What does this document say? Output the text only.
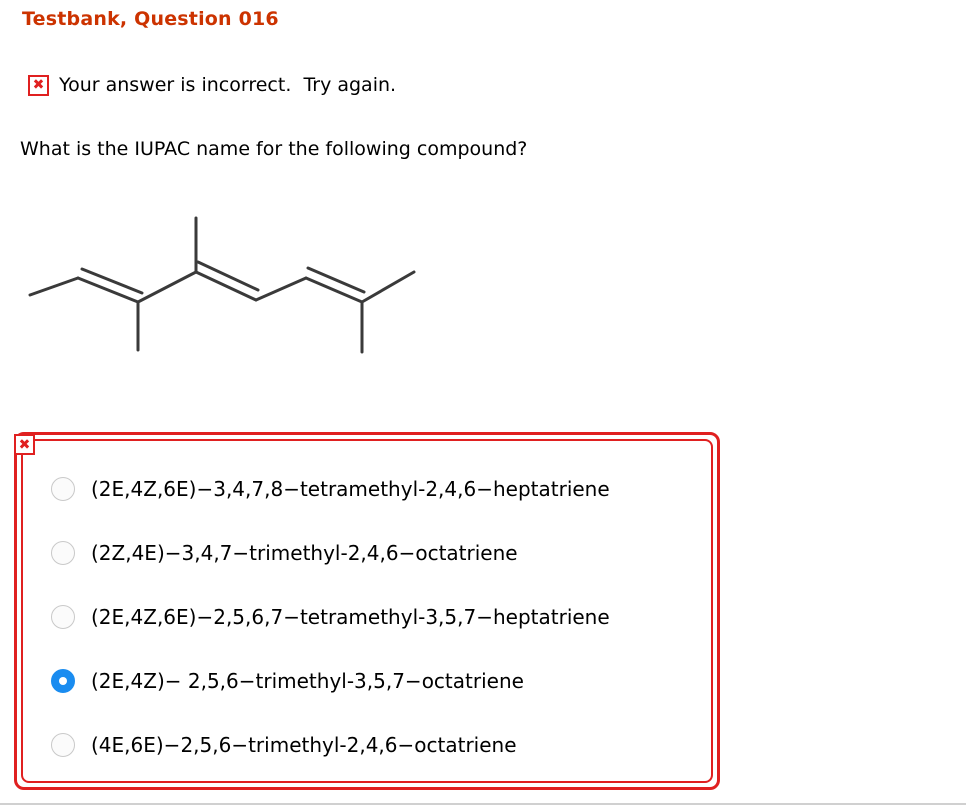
Testbank, Question 016
✖ Your answer is incorrect.  Try again.
What is the IUPAC name for the following compound?
(2E,4Z,6E)−3,4,7,8−tetramethyl-2,4,6−heptatriene
(2Z,4E)−3,4,7−trimethyl-2,4,6−octatriene
(2E,4Z,6E)−2,5,6,7−tetramethyl-3,5,7−heptatriene
(2E,4Z)− 2,5,6−trimethyl-3,5,7−octatriene
(4E,6E)−2,5,6−trimethyl-2,4,6−octatriene
✖
